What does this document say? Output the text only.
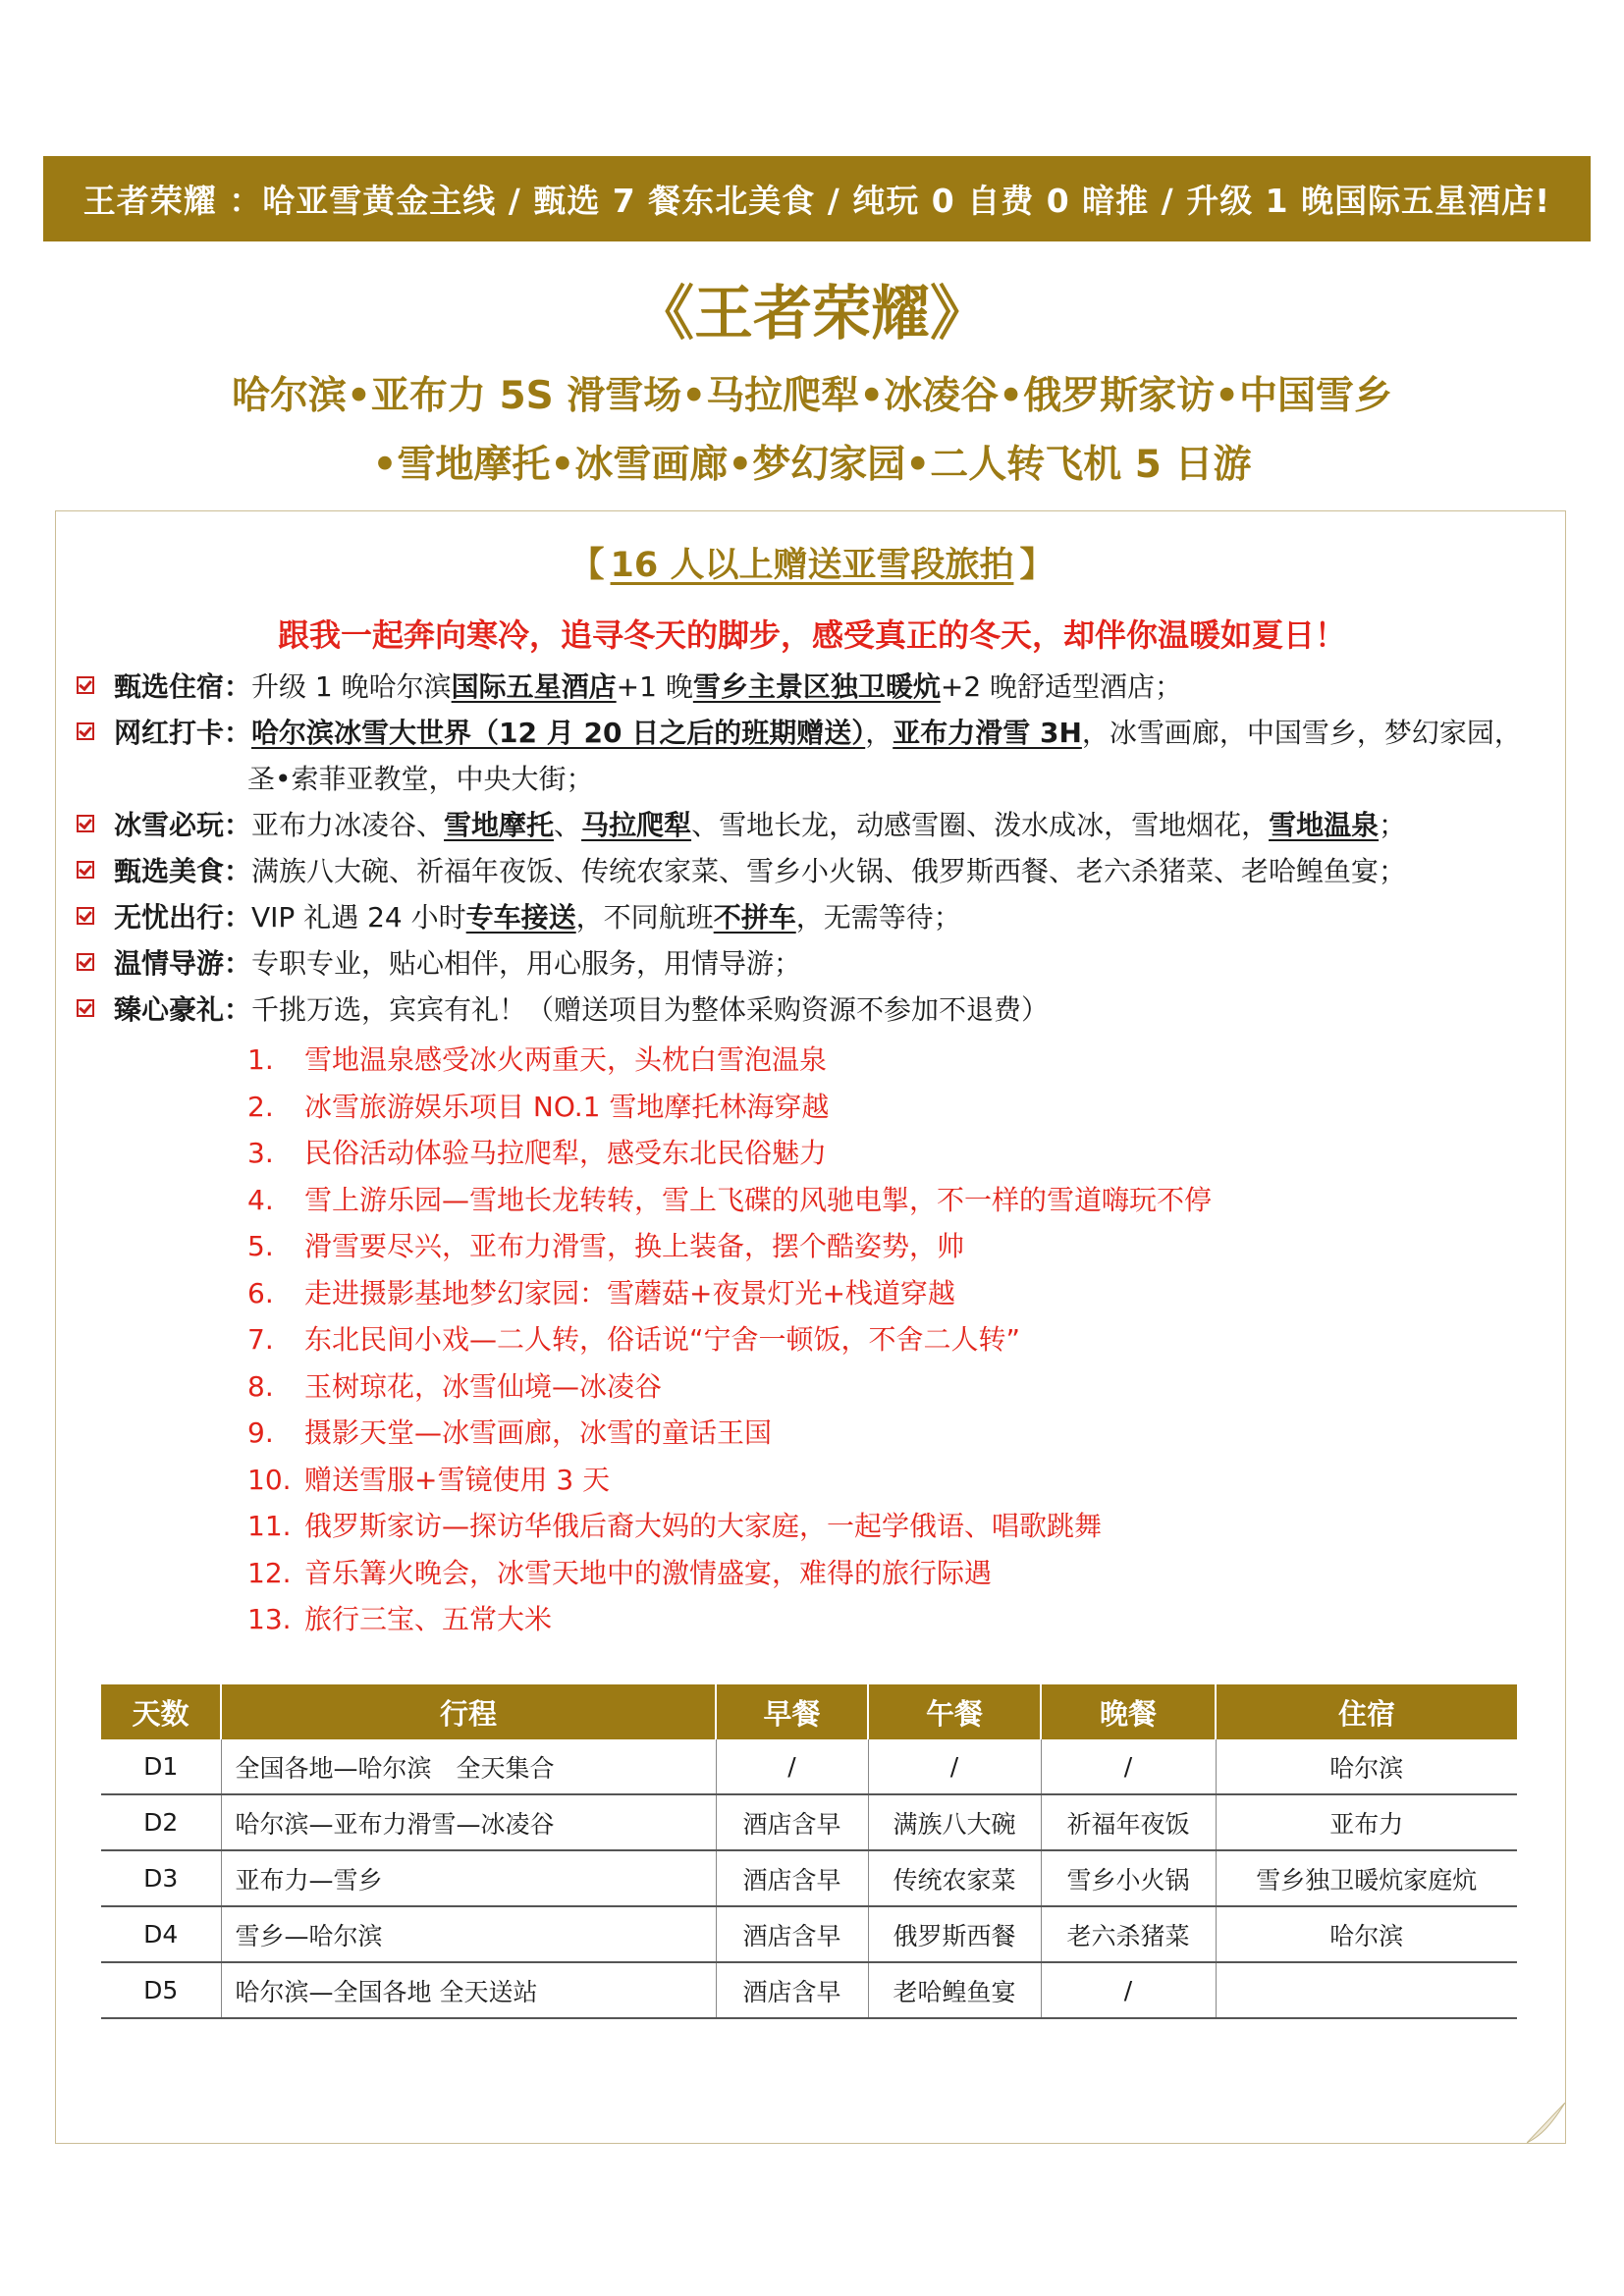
王者荣耀 ：哈亚雪黄金主线 / 甄选 7 餐东北美食 / 纯玩 0 自费 0 暗推 / 升级 1 晚国际五星酒店!
《王者荣耀》
哈尔滨•亚布力 5S 滑雪场•马拉爬犁•冰凌谷•俄罗斯家访•中国雪乡
•雪地摩托•冰雪画廊•梦幻家园•二人转飞机 5 日游
【 16 人以上赠送亚雪段旅拍 】
跟我一起奔向寒冷，追寻冬天的脚步，感受真正的冬天，却伴你温暖如夏日！
甄选住宿： 升级 1 晚哈尔滨国际五星酒店+1 晚雪乡主景区独卫暖炕+2 晚舒适型酒店；
网红打卡： 哈尔滨冰雪大世界（12 月 20 日之后的班期赠送），亚布力滑雪 3H，冰雪画廊，中国雪乡，梦幻家园，
圣•索菲亚教堂，中央大街；
冰雪必玩： 亚布力冰凌谷、雪地摩托、马拉爬犁、雪地长龙，动感雪圈、泼水成冰，雪地烟花，雪地温泉；
甄选美食： 满族八大碗、祈福年夜饭、传统农家菜、雪乡小火锅、俄罗斯西餐、老六杀猪菜、老哈鳇鱼宴；
无忧出行： VIP 礼遇 24 小时专车接送，不同航班不拼车，无需等待；
温情导游： 专职专业，贴心相伴，用心服务，用情导游；
臻心豪礼： 千挑万选，宾宾有礼！（赠送项目为整体采购资源不参加不退费）
1.	雪地温泉感受冰火两重天，头枕白雪泡温泉
2.	冰雪旅游娱乐项目 NO.1 雪地摩托林海穿越
3.	民俗活动体验马拉爬犁，感受东北民俗魅力
4.	雪上游乐园—雪地长龙转转，雪上飞碟的风驰电掣，不一样的雪道嗨玩不停
5.	滑雪要尽兴，亚布力滑雪，换上装备，摆个酷姿势，帅
6.	走进摄影基地梦幻家园：雪蘑菇+夜景灯光+栈道穿越
7.	东北民间小戏—二人转，俗话说“宁舍一顿饭，不舍二人转”
8.	玉树琼花，冰雪仙境—冰凌谷
9.	摄影天堂—冰雪画廊，冰雪的童话王国
10. 赠送雪服+雪镜使用 3 天
11. 俄罗斯家访—探访华俄后裔大妈的大家庭，一起学俄语、唱歌跳舞
12. 音乐篝火晚会，冰雪天地中的激情盛宴，难得的旅行际遇
13. 旅行三宝、五常大米
天数	行程	早餐	午餐	晚餐	住宿
D1	全国各地—哈尔滨　全天集合	/	/	/	哈尔滨
D2	哈尔滨—亚布力滑雪—冰凌谷	酒店含早	满族八大碗	祈福年夜饭	亚布力
D3	亚布力—雪乡	酒店含早	传统农家菜	雪乡小火锅	雪乡独卫暖炕家庭炕
D4	雪乡—哈尔滨	酒店含早	俄罗斯西餐	老六杀猪菜	哈尔滨
D5	哈尔滨—全国各地 全天送站	酒店含早	老哈鳇鱼宴	/	
